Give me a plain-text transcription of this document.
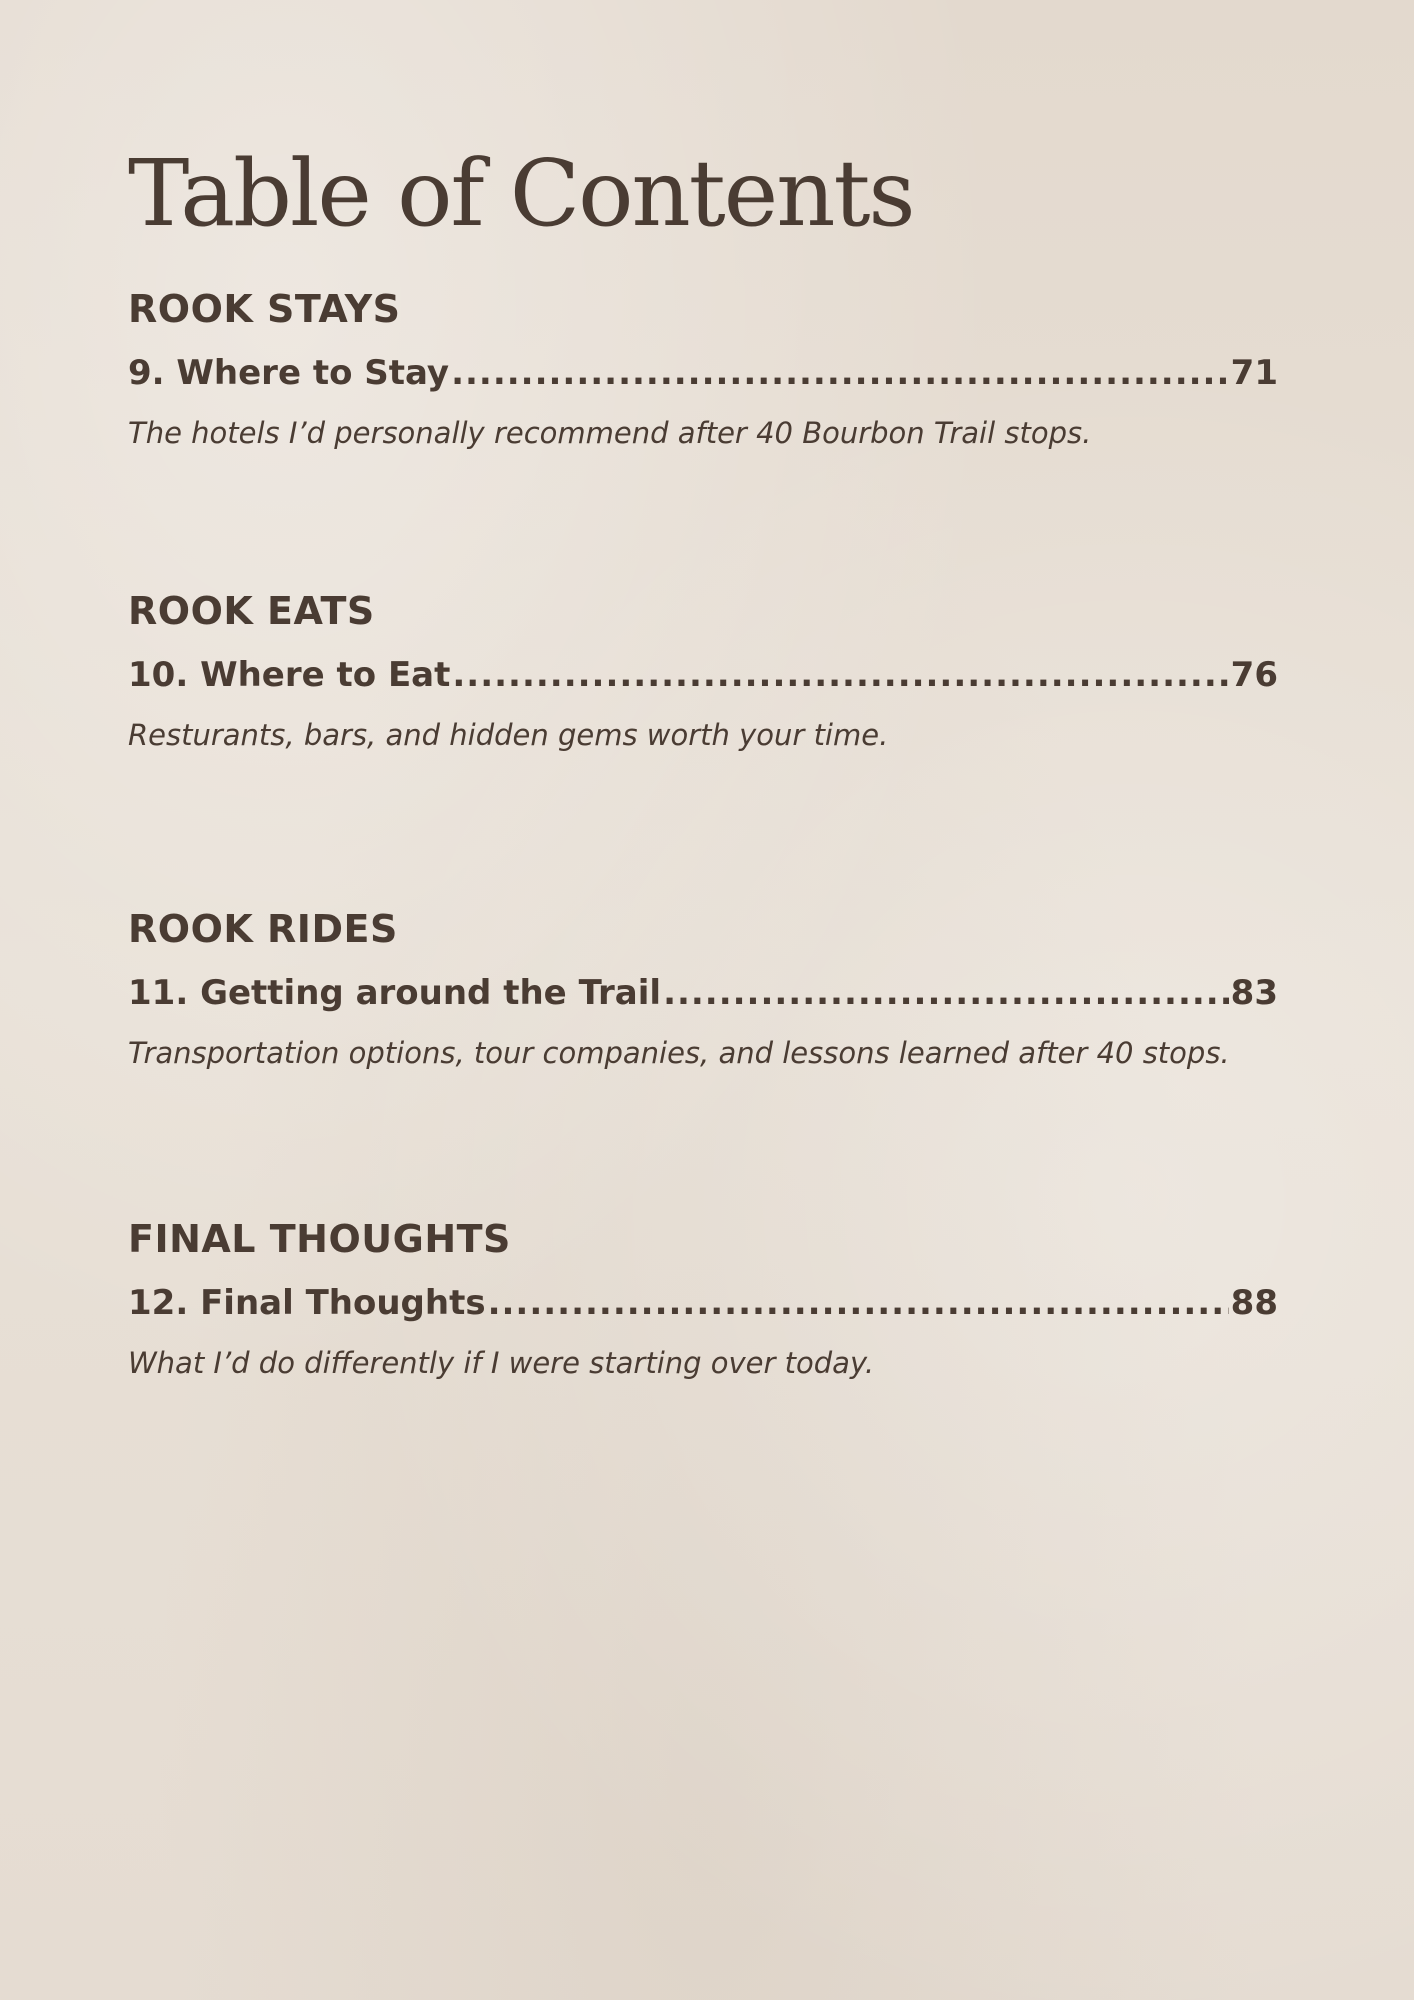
Table of Contents
ROOK STAYS
9. Where to Stay .....	71

The hotels I’d personally recommend after 40 Bourbon Trail stops.

ROOK EATS
10. Where to Eat .....	76

Resturants, bars, and hidden gems worth your time.

ROOK RIDES
11. Getting around the Trail .....	83

Transportation options, tour companies, and lessons learned after 40 stops.

FINAL THOUGHTS
12. Final Thoughts .....	88

What I’d do differently if I were starting over today.
